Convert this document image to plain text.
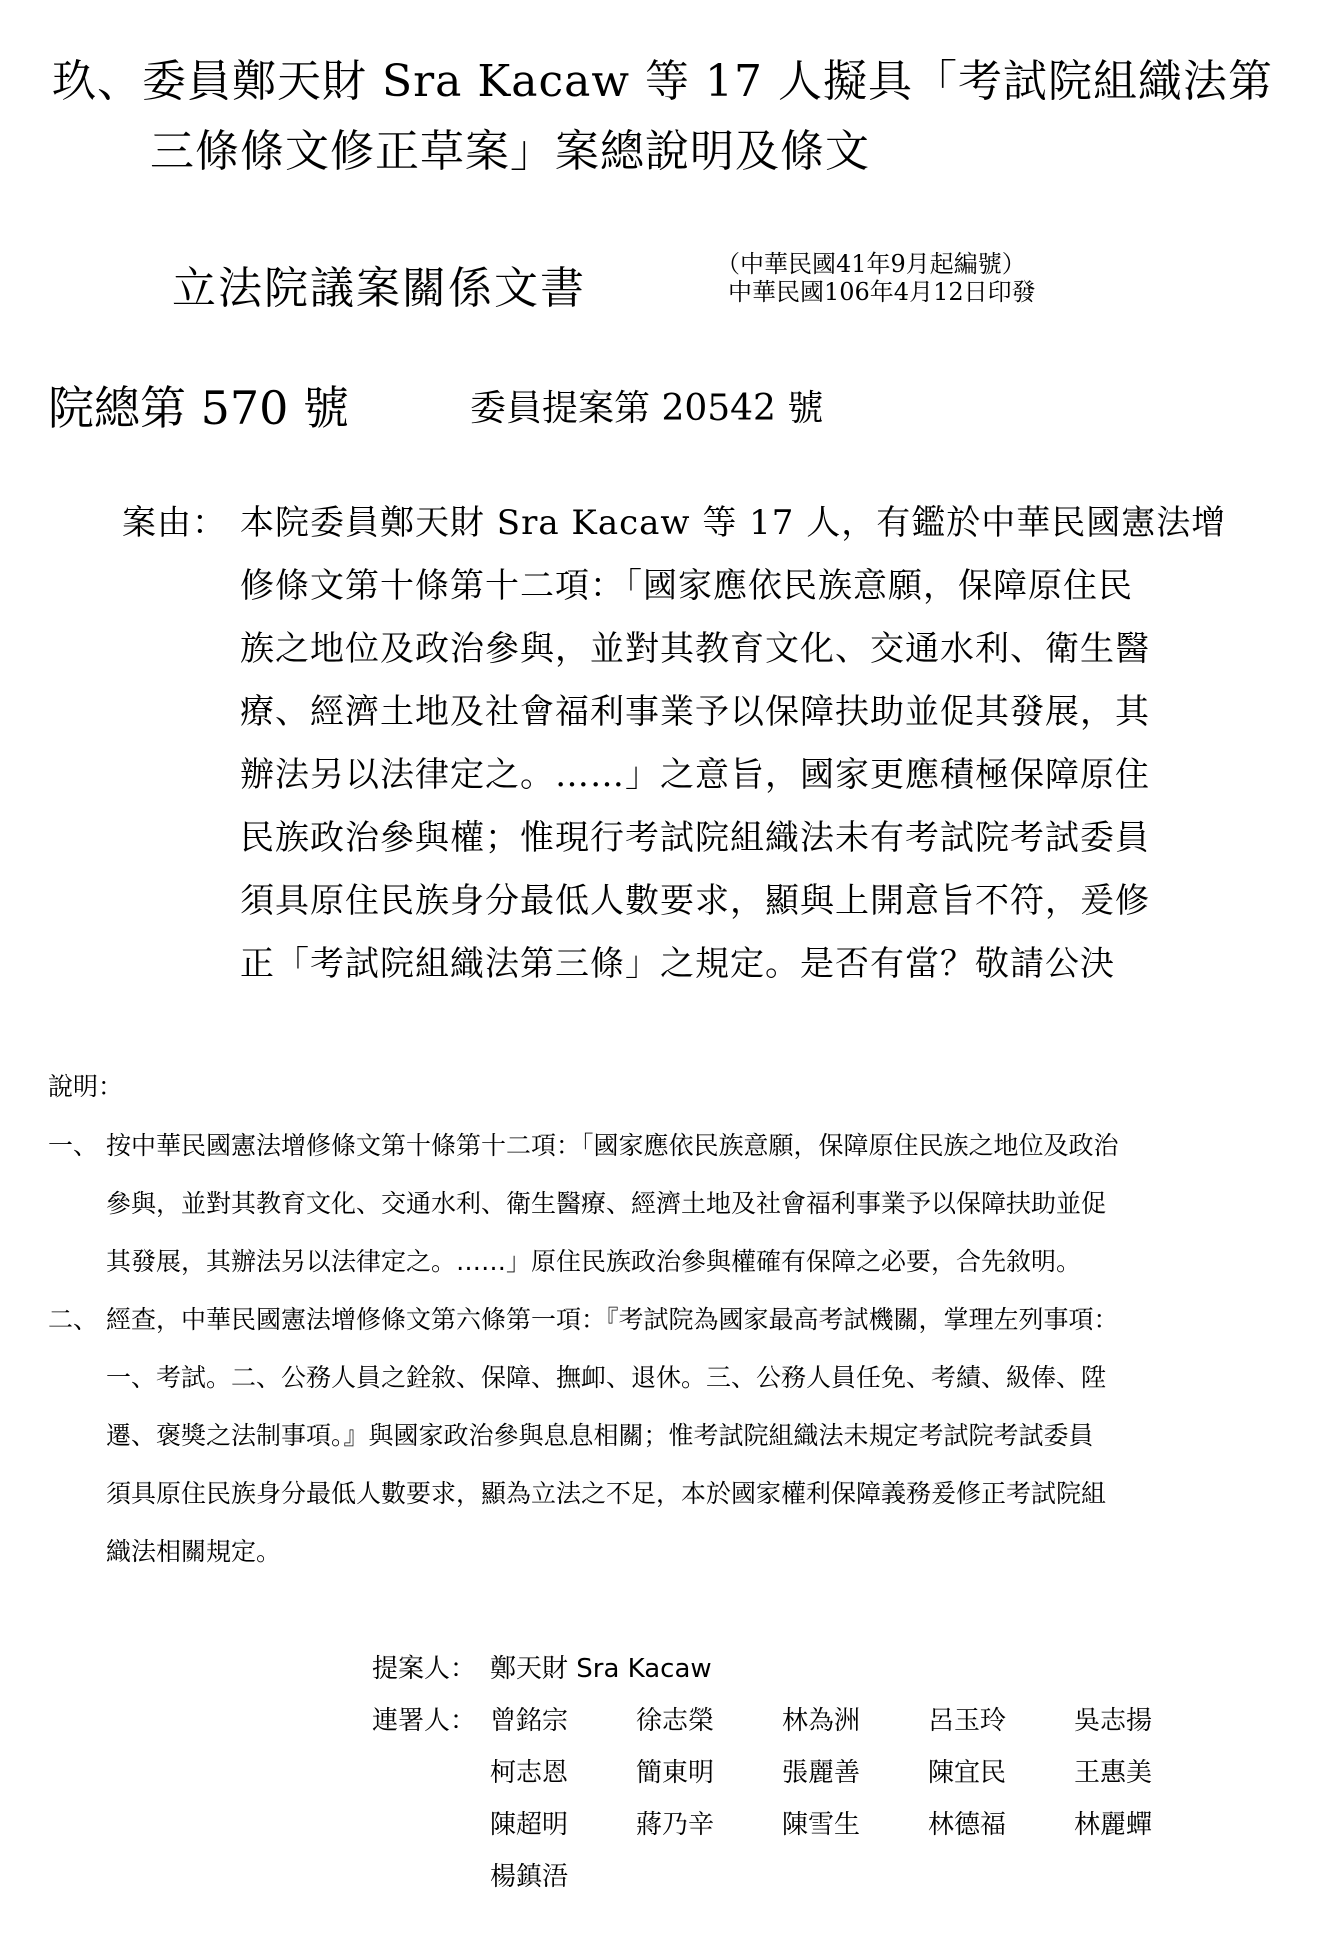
玖、委員鄭天財 Sra Kacaw 等 17 人擬具「考試院組織法第
三條條文修正草案」案總說明及條文
立法院議案關係文書	（中華民國41年9月起編號）
中華民國106年4月12日印發
院總第 570 號	委員提案第 20542 號
案由： 本院委員鄭天財 Sra Kacaw 等 17 人，有鑑於中華民國憲法增
修條文第十條第十二項：「國家應依民族意願，保障原住民
族之地位及政治參與，並對其教育文化、交通水利、衛生醫
療、經濟土地及社會福利事業予以保障扶助並促其發展，其
辦法另以法律定之。……」之意旨，國家更應積極保障原住
民族政治參與權；惟現行考試院組織法未有考試院考試委員
須具原住民族身分最低人數要求，顯與上開意旨不符，爰修
正「考試院組織法第三條」之規定。是否有當？敬請公決
說明：
一、 按中華民國憲法增修條文第十條第十二項：「國家應依民族意願，保障原住民族之地位及政治
參與，並對其教育文化、交通水利、衛生醫療、經濟土地及社會福利事業予以保障扶助並促
其發展，其辦法另以法律定之。……」原住民族政治參與權確有保障之必要，合先敘明。
二、 經查，中華民國憲法增修條文第六條第一項：『考試院為國家最高考試機關，掌理左列事項：
一、考試。二、公務人員之銓敘、保障、撫卹、退休。三、公務人員任免、考績、級俸、陞
遷、褒獎之法制事項。』與國家政治參與息息相關；惟考試院組織法未規定考試院考試委員
須具原住民族身分最低人數要求，顯為立法之不足，本於國家權利保障義務爰修正考試院組
織法相關規定。
提案人： 鄭天財 Sra Kacaw
連署人： 曾銘宗	徐志榮	林為洲	呂玉玲	吳志揚
柯志恩	簡東明	張麗善	陳宜民	王惠美
陳超明	蔣乃辛	陳雪生	林德福	林麗蟬
楊鎮浯
